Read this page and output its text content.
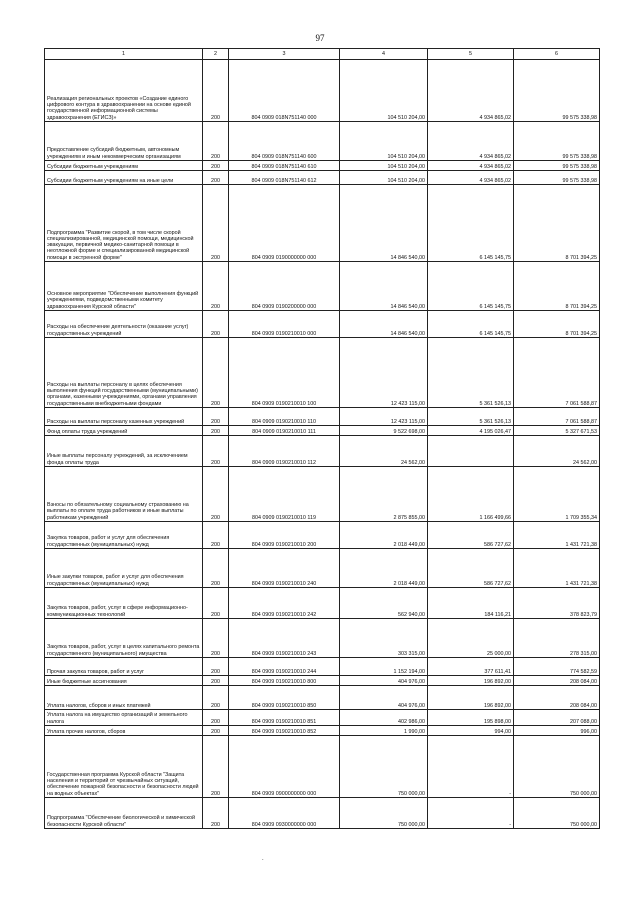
97
1	2	3	4	5	6
Реализация региональных проектов «Создание единого цифрового контура в здравоохранении на основе единой государственной информационной системы здравоохранения (ЕГИСЗ)»	200	804 0909 018N751140 000	104 510 204,00	4 934 865,02	99 575 338,98
Предоставление субсидий бюджетным, автономным учреждениям и иным некоммерческим организациям	200	804 0909 018N751140 600	104 510 204,00	4 934 865,02	99 575 338,98
Субсидии бюджетным учреждениям	200	804 0909 018N751140 610	104 510 204,00	4 934 865,02	99 575 338,98
Субсидии бюджетным учреждениям на иные цели	200	804 0909 018N751140 612	104 510 204,00	4 934 865,02	99 575 338,98
Подпрограмма "Развитие скорой, в том числе скорой специализированной, медицинской помощи, медицинской эвакуации, первичной медико-санитарной помощи в неотложной форме и специализированной медицинской помощи в экстренной форме"	200	804 0909 0190000000 000	14 846 540,00	6 145 145,75	8 701 394,25
Основное мероприятие "Обеспечение выполнения функций учреждениями, подведомственными комитету здравоохранения Курской области"	200	804 0909 0190200000 000	14 846 540,00	6 145 145,75	8 701 394,25
Расходы на обеспечение деятельности (оказание услуг) государственных учреждений	200	804 0909 0190210010 000	14 846 540,00	6 145 145,75	8 701 394,25
Расходы на выплаты персоналу в целях обеспечения выполнения функций государственными (муниципальными) органами, казенными учреждениями, органами управления государственными внебюджетными фондами	200	804 0909 0190210010 100	12 423 115,00	5 361 526,13	7 061 588,87
Расходы на выплаты персоналу казенных учреждений	200	804 0909 0190210010 110	12 423 115,00	5 361 526,13	7 061 588,87
Фонд оплаты труда учреждений	200	804 0909 0190210010 111	9 522 698,00	4 195 026,47	5 327 671,53
Иные выплаты персоналу учреждений, за исключением фонда оплаты труда	200	804 0909 0190210010 112	24 562,00		24 562,00
Взносы по обязательному социальному страхованию на выплаты по оплате труда работников и иные выплаты работникам учреждений	200	804 0909 0190210010 119	2 875 855,00	1 166 499,66	1 709 355,34
Закупка товаров, работ и услуг для обеспечения государственных (муниципальных) нужд	200	804 0909 0190210010 200	2 018 449,00	586 727,62	1 431 721,38
Иные закупки товаров, работ и услуг для обеспечения государственных (муниципальных) нужд	200	804 0909 0190210010 240	2 018 449,00	586 727,62	1 431 721,38
Закупка товаров, работ, услуг в сфере информационно-коммуникационных технологий	200	804 0909 0190210010 242	562 940,00	184 116,21	378 823,79
Закупка товаров, работ, услуг в целях капитального ремонта государственного (муниципального) имущества	200	804 0909 0190210010 243	303 315,00	25 000,00	278 315,00
Прочая закупка товаров, работ и услуг	200	804 0909 0190210010 244	1 152 194,00	377 611,41	774 582,59
Иные бюджетные ассигнования	200	804 0909 0190210010 800	404 976,00	196 892,00	208 084,00
Уплата налогов, сборов и иных платежей	200	804 0909 0190210010 850	404 976,00	196 892,00	208 084,00
Уплата налога на имущество организаций и земельного налога	200	804 0909 0190210010 851	402 986,00	195 898,00	207 088,00
Уплата прочих налогов, сборов	200	804 0909 0190210010 852	1 990,00	994,00	996,00
Государственная программа Курской области "Защита населения и территорий от чрезвычайных ситуаций, обеспечение пожарной безопасности и безопасности людей на водных объектах"	200	804 0909 0900000000 000	750 000,00	-	750 000,00
Подпрограмма "Обеспечение биологической и химической безопасности Курской области"	200	804 0909 0930000000 000	750 000,00	-	750 000,00
.
